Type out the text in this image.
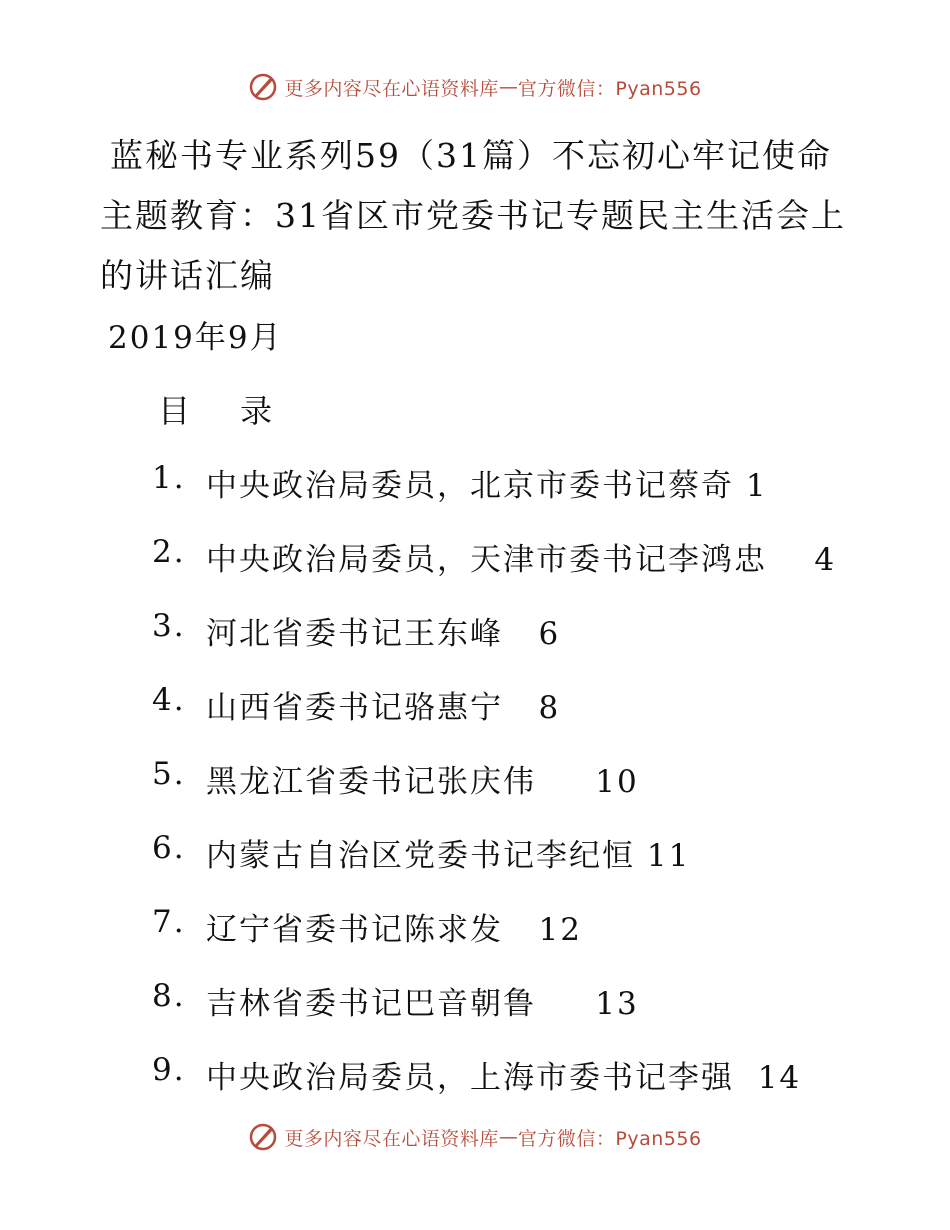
更多内容尽在心语资料库 — 官方微信：Pyan556
蓝秘书专业系列59（31篇）不忘初心牢记使命主题教育：31省区市党委书记专题民主生活会上的讲话汇编
2019年9月
目 录
1. 中央政治局委员，北京市委书记蔡奇 1
2. 中央政治局委员，天津市委书记李鸿忠    4
3. 河北省委书记王东峰   6
4. 山西省委书记骆惠宁   8
5. 黑龙江省委书记张庆伟     10
6. 内蒙古自治区党委书记李纪恒 11
7. 辽宁省委书记陈求发   12
8. 吉林省委书记巴音朝鲁     13
9. 中央政治局委员，上海市委书记李强  14
更多内容尽在心语资料库 — 官方微信：Pyan556
